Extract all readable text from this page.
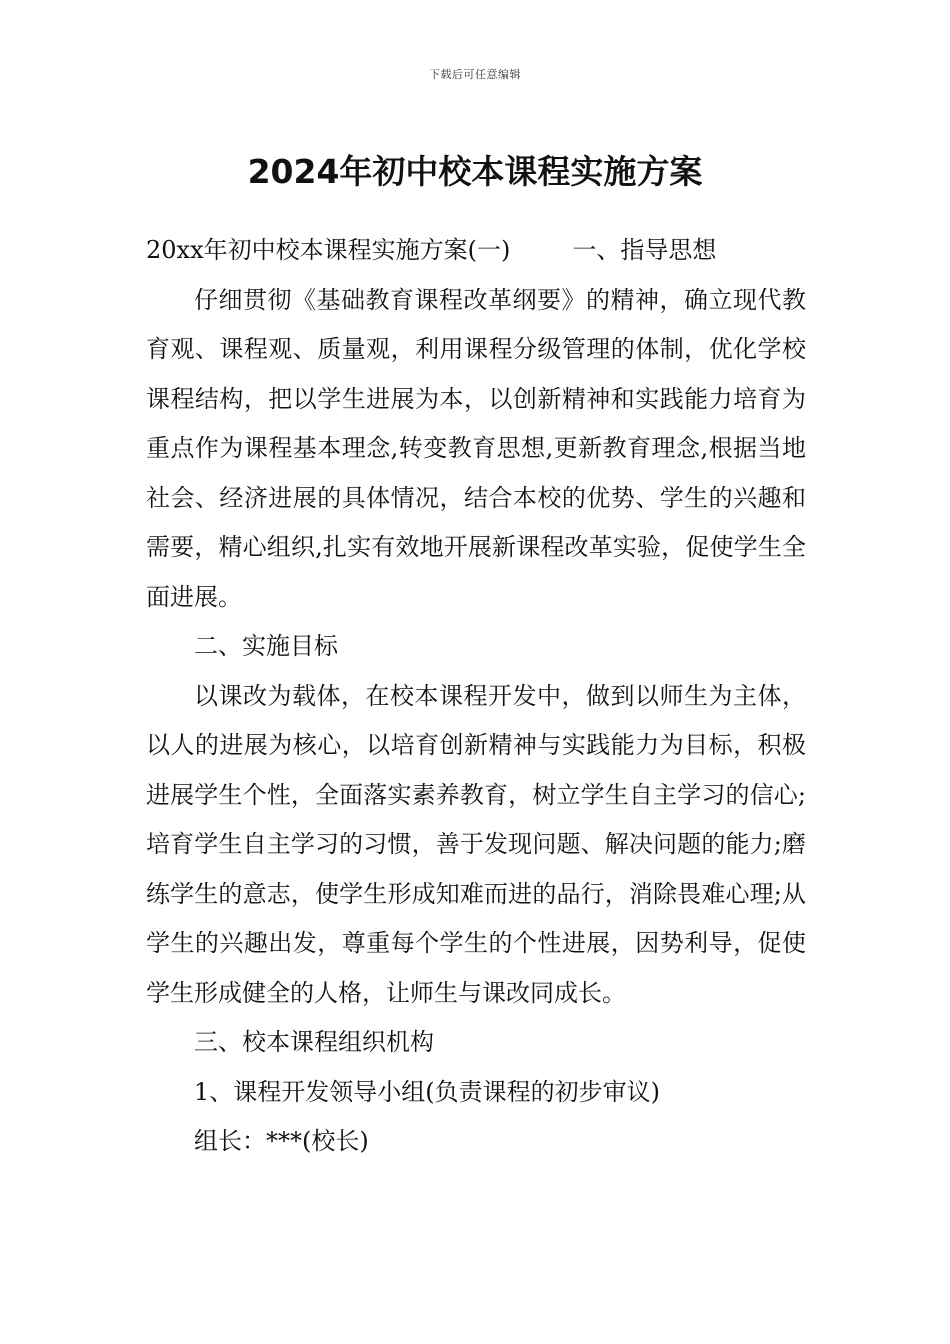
下载后可任意编辑
2024年初中校本课程实施方案

20xx年初中校本课程实施方案(一)	一、指导思想

仔细贯彻《基础教育课程改革纲要》的精神，确立现代教育观、课程观、质量观，利用课程分级管理的体制，优化学校课程结构，把以学生进展为本，以创新精神和实践能力培育为重点作为课程基本理念,转变教育思想,更新教育理念,根据当地社会、经济进展的具体情况，结合本校的优势、学生的兴趣和需要，精心组织,扎实有效地开展新课程改革实验，促使学生全面进展。

二、实施目标

以课改为载体，在校本课程开发中，做到以师生为主体，以人的进展为核心，以培育创新精神与实践能力为目标，积极进展学生个性，全面落实素养教育，树立学生自主学习的信心;培育学生自主学习的习惯，善于发现问题、解决问题的能力;磨练学生的意志，使学生形成知难而进的品行，消除畏难心理;从学生的兴趣出发，尊重每个学生的个性进展，因势利导，促使学生形成健全的人格，让师生与课改同成长。

三、校本课程组织机构

1、课程开发领导小组(负责课程的初步审议)

组长：***(校长)
